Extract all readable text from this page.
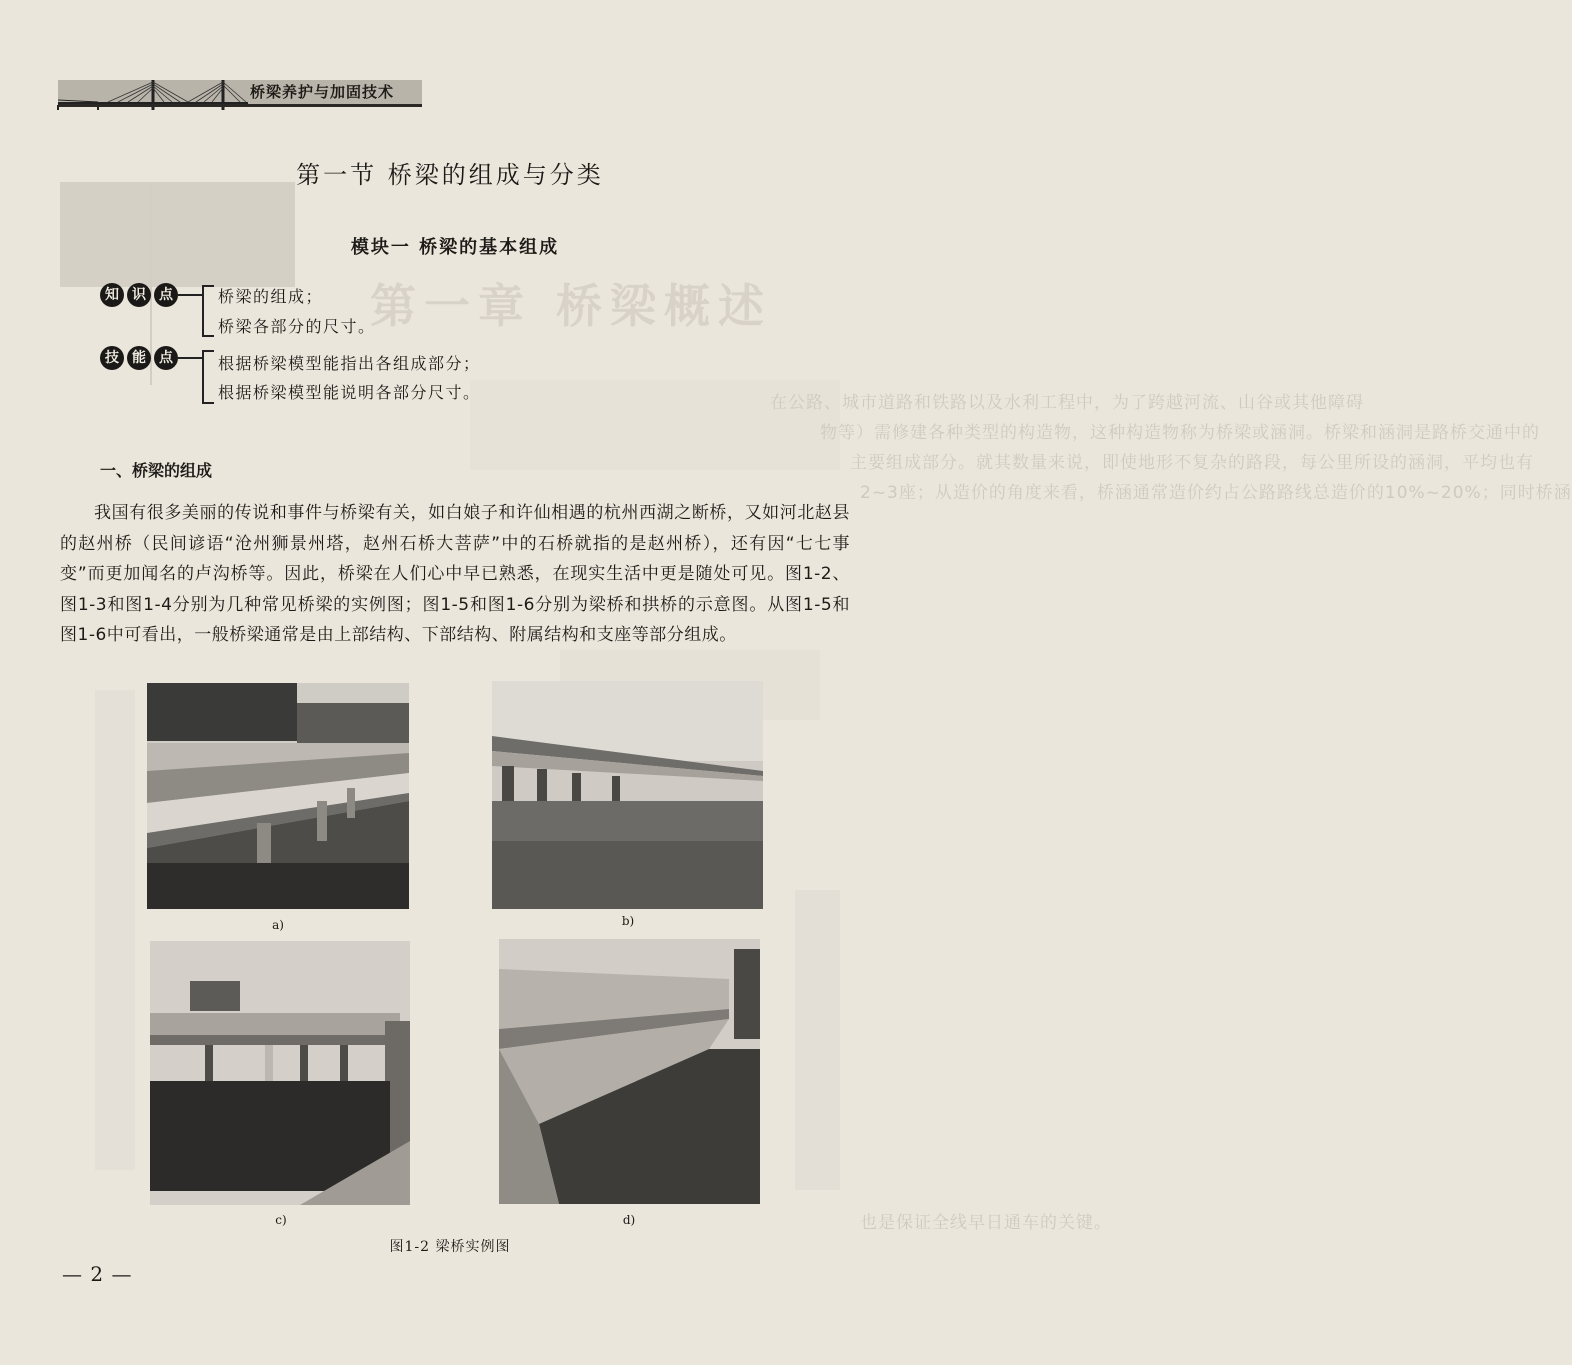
第一章 桥梁概述
在公路、城市道路和铁路以及水利工程中，为了跨越河流、山谷或其他障碍
物等）需修建各种类型的构造物，这种构造物称为桥梁或涵洞。桥梁和涵洞是路桥交通中的
主要组成部分。就其数量来说，即使地形不复杂的路段，每公里所设的涵洞，平均也有
2~3座；从造价的角度来看，桥涵通常造价约占公路路线总造价的10%~20%；同时桥涵
也是保证全线早日通车的关键。
桥梁养护与加固技术
第一节 桥梁的组成与分类
模块一 桥梁的基本组成
知 识 点	桥梁的组成；
桥梁各部分的尺寸。
技 能 点	根据桥梁模型能指出各组成部分；
根据桥梁模型能说明各部分尺寸。
一、桥梁的组成
我国有很多美丽的传说和事件与桥梁有关，如白娘子和许仙相遇的杭州西湖之断桥，又如河北赵县的赵州桥（民间谚语“沧州狮景州塔，赵州石桥大菩萨”中的石桥就指的是赵州桥），还有因“七七事变”而更加闻名的卢沟桥等。因此，桥梁在人们心中早已熟悉，在现实生活中更是随处可见。图1-2、图1-3和图1-4分别为几种常见桥梁的实例图；图1-5和图1-6分别为梁桥和拱桥的示意图。从图1-5和图1-6中可看出，一般桥梁通常是由上部结构、下部结构、附属结构和支座等部分组成。
a)	b)
c)	d)
图1-2 梁桥实例图
— 2 —
